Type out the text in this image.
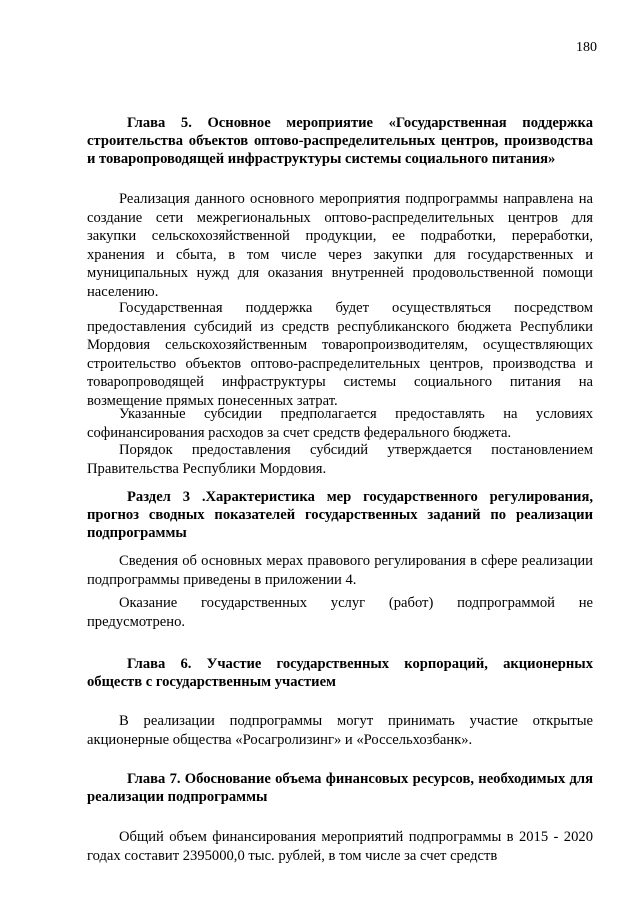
180

Глава 5. Основное мероприятие «Государственная поддержка строительства объектов оптово-распределительных центров, производства и товаропроводящей инфраструктуры системы социального питания»

Реализация данного основного мероприятия подпрограммы направлена на создание сети межрегиональных оптово-распределительных центров для закупки сельскохозяйственной продукции, ее подработки, переработки, хранения и сбыта, в том числе через закупки для государственных и муниципальных нужд для оказания внутренней продовольственной помощи населению.

Государственная поддержка будет осуществляться посредством предоставления субсидий из средств республиканского бюджета Республики Мордовия сельскохозяйственным товаропроизводителям, осуществляющих строительство объектов оптово-распределительных центров, производства и товаропроводящей инфраструктуры системы социального питания на возмещение прямых понесенных затрат.

Указанные субсидии предполагается предоставлять на условиях софинансирования расходов за счет средств федерального бюджета.

Порядок предоставления субсидий утверждается постановлением Правительства Республики Мордовия.

Раздел 3 .Характеристика мер государственного регулирования, прогноз сводных показателей государственных заданий по реализации подпрограммы

Сведения об основных мерах правового регулирования в сфере реализации подпрограммы приведены в приложении 4.

Оказание государственных услуг (работ) подпрограммой не предусмотрено.

Глава 6. Участие государственных корпораций, акционерных обществ с государственным участием

В реализации подпрограммы могут принимать участие открытые акционерные общества «Росагролизинг» и «Россельхозбанк».

Глава 7. Обоснование объема финансовых ресурсов, необходимых для реализации подпрограммы

Общий объем финансирования мероприятий подпрограммы в 2015 - 2020 годах составит 2395000,0 тыс. рублей, в том числе за счет средств
